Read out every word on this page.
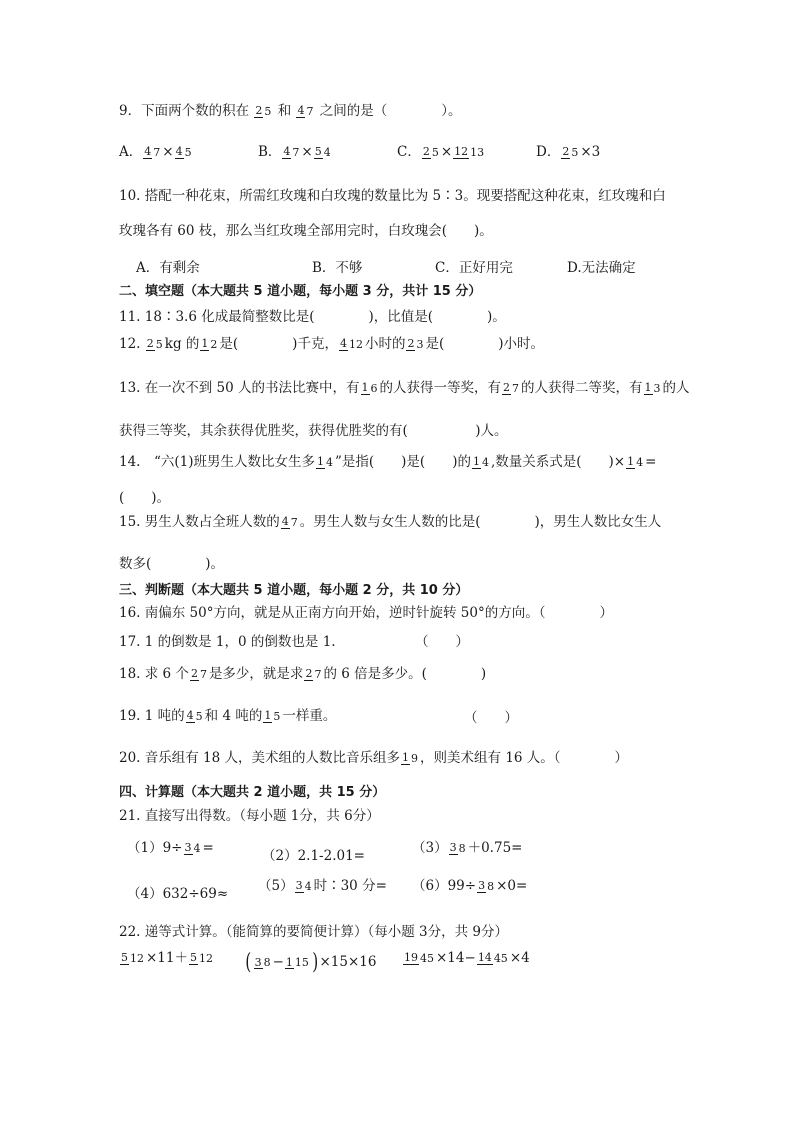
9．下面两个数的积在 2 5 和 4 7 之间的是（　　　　）。
A． 4 7 × 4 5	B． 4 7 × 5 4	C． 2 5 × 12 13	D． 2 5 ×3
10. 搭配一种花束，所需红玫瑰和白玫瑰的数量比为 5∶3。现要搭配这种花束，红玫瑰和白
玫瑰各有 60 枝，那么当红玫瑰全部用完时，白玫瑰会(　　)。
A．有剩余	B．不够	C．正好用完	D.无法确定
二、填空题（本大题共 5 道小题，每小题 3 分，共计 15 分）
11. 18∶3.6 化成最简整数比是(　　　　)，比值是(　　　　)。
12. 2 5 kg 的 1 2 是(　　　　)千克， 4 12 小时的 2 3 是(　　　　)小时。
13. 在一次不到 50 人的书法比赛中，有 1 6 的人获得一等奖，有 2 7 的人获得二等奖，有 1 3 的人
获得三等奖，其余获得优胜奖，获得优胜奖的有(　　　　　)人。
14.　“六(1)班男生人数比女生多 1 4 ”是指(　　)是(　　)的 1 4 ,数量关系式是(　　)× 1 4 =
(　　)。
15. 男生人数占全班人数的 4 7 。男生人数与女生人数的比是(　　　　)，男生人数比女生人
数多(　　　　)。
三、判断题（本大题共 5 道小题，每小题 2 分，共 10 分）
16. 南偏东 50°方向，就是从正南方向开始，逆时针旋转 50°的方向。（　　　　）
17. 1 的倒数是 1，0 的倒数也是 1.	（　　）
18. 求 6 个 2 7 是多少，就是求 2 7 的 6 倍是多少。(　　　　)
19. 1 吨的 4 5 和 4 吨的 1 5 一样重。	（　　）
20. 音乐组有 18 人，美术组的人数比音乐组多 1 9 ，则美术组有 16 人。（　　　　）
四、计算题（本大题共 2 道小题，共 15 分）
21. 直接写出得数。（每小题 1分，共 6分）
（1）9÷ 3 4 =	（2）2.1-2.01=	（3） 3 8 ＋0.75=
（4）632÷69≈ （5） 3 4 时∶30 分= （6）99÷ 3 8 ×0=
22. 递等式计算。（能简算的要简便计算）（每小题 3分，共 9分）
5 12 ×11＋ 5 12 ( 3 8 − 1 15 )×15×16	19 45 ×14− 14 45 ×4
